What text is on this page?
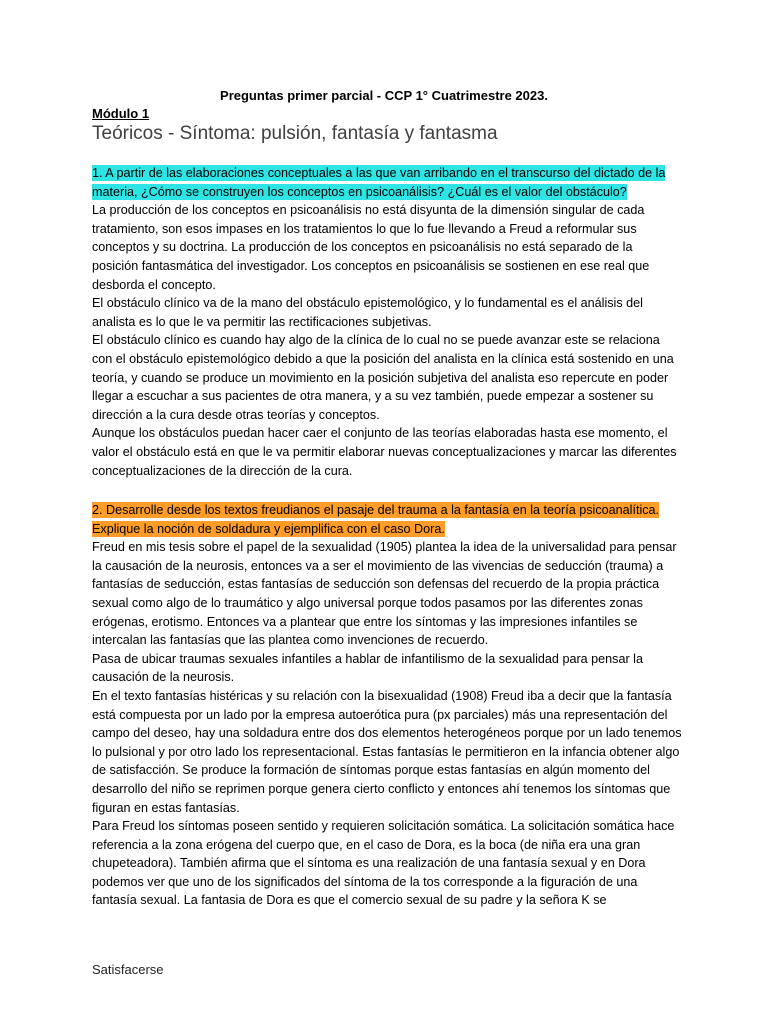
Preguntas primer parcial - CCP 1° Cuatrimestre 2023.
Módulo 1
Teóricos - Síntoma: pulsión, fantasía y fantasma
1. A partir de las elaboraciones conceptuales a las que van arribando en el transcurso del dictado de la materia, ¿Cómo se construyen los conceptos en psicoanálisis? ¿Cuál es el valor del obstáculo?

La producción de los conceptos en psicoanálisis no está disyunta de la dimensión singular de cada tratamiento, son esos impases en los tratamientos lo que lo fue llevando a Freud a reformular sus conceptos y su doctrina. La producción de los conceptos en psicoanálisis no está separado de la posición fantasmática del investigador. Los conceptos en psicoanálisis se sostienen en ese real que desborda el concepto.

El obstáculo clínico va de la mano del obstáculo epistemológico, y lo fundamental es el análisis del analista es lo que le va permitir las rectificaciones subjetivas.

El obstáculo clínico es cuando hay algo de la clínica de lo cual no se puede avanzar este se relaciona con el obstáculo epistemológico debido a que la posición del analista en la clínica está sostenido en una teoría, y cuando se produce un movimiento en la posición subjetiva del analista eso repercute en poder llegar a escuchar a sus pacientes de otra manera, y a su vez también, puede empezar a sostener su dirección a la cura desde otras teorías y conceptos.

Aunque los obstáculos puedan hacer caer el conjunto de las teorías elaboradas hasta ese momento, el valor el obstáculo está en que le va permitir elaborar nuevas conceptualizaciones y marcar las diferentes conceptualizaciones de la dirección de la cura.

2. Desarrolle desde los textos freudianos el pasaje del trauma a la fantasía en la teoría psicoanalítica. Explique la noción de soldadura y ejemplifica con el caso Dora.

Freud en mis tesis sobre el papel de la sexualidad (1905) plantea la idea de la universalidad para pensar la causación de la neurosis, entonces va a ser el movimiento de las vivencias de seducción (trauma) a fantasías de seducción, estas fantasías de seducción son defensas del recuerdo de la propia práctica sexual como algo de lo traumático y algo universal porque todos pasamos por las diferentes zonas erógenas, erotismo. Entonces va a plantear que entre los síntomas y las impresiones infantiles se intercalan las fantasías que las plantea como invenciones de recuerdo.

Pasa de ubicar traumas sexuales infantiles a hablar de infantilismo de la sexualidad para pensar la causación de la neurosis.

En el texto fantasías histéricas y su relación con la bisexualidad (1908) Freud iba a decir que la fantasía está compuesta por un lado por la empresa autoerótica pura (px parciales) más una representación del campo del deseo, hay una soldadura entre dos dos elementos heterogéneos porque por un lado tenemos lo pulsional y por otro lado los representacional. Estas fantasías le permitieron en la infancia obtener algo de satisfacción. Se produce la formación de síntomas porque estas fantasías en algún momento del desarrollo del niño se reprimen porque genera cierto conflicto y entonces ahí tenemos los síntomas que figuran en estas fantasías.

Para Freud los síntomas poseen sentido y requieren solicitación somática. La solicitación somática hace referencia a la zona erógena del cuerpo que, en el caso de Dora, es la boca (de niña era una gran chupeteadora). También afirma que el síntoma es una realización de una fantasía sexual y en Dora podemos ver que uno de los significados del síntoma de la tos corresponde a la figuración de una fantasía sexual. La fantasia de Dora es que el comercio sexual de su padre y la señora K se

Satisfacerse
